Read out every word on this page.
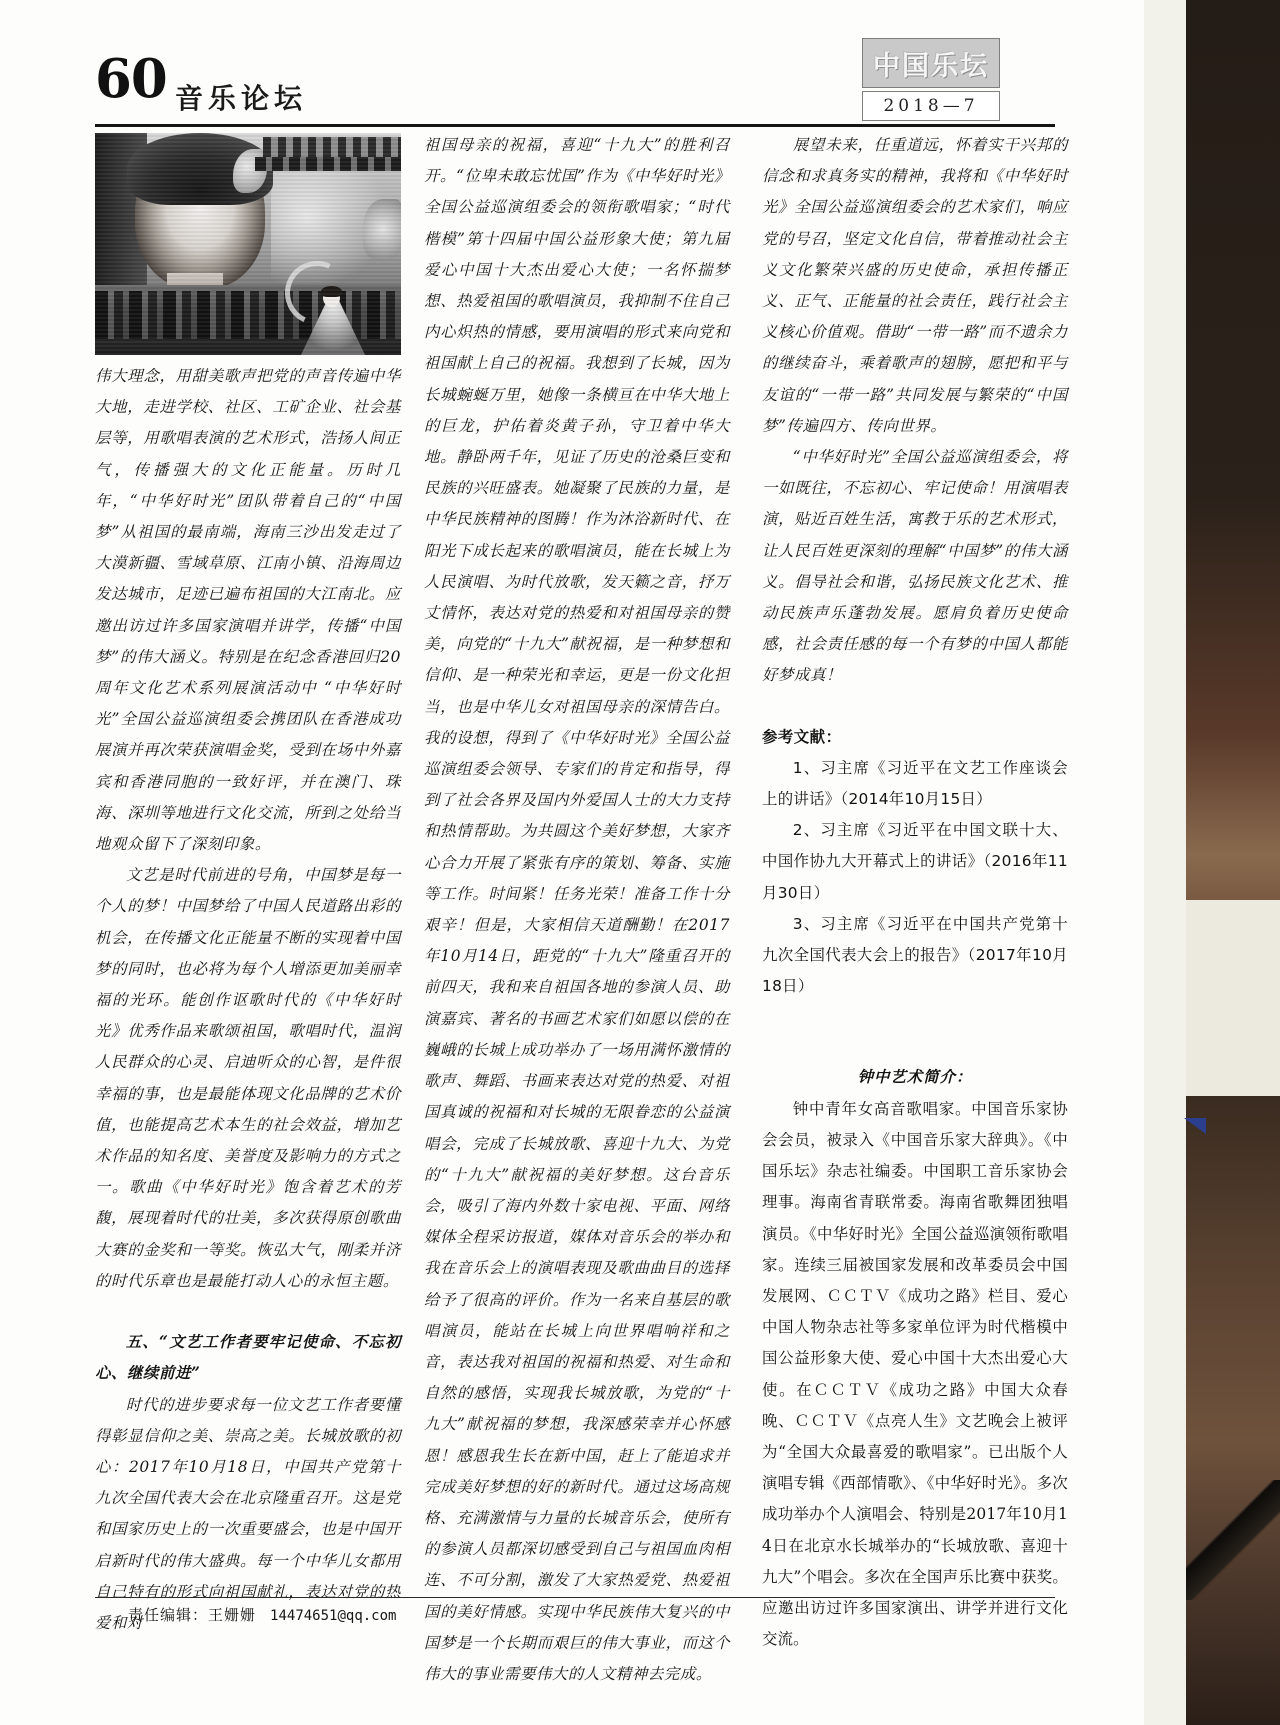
60 音乐论坛
中国乐坛
2018—7

伟大理念，用甜美歌声把党的声音传遍中华大地，走进学校、社区、工矿企业、社会基层等，用歌唱表演的艺术形式，浩扬人间正气，传播强大的文化正能量。历时几年，“中华好时光”团队带着自己的“中国梦”从祖国的最南端，海南三沙出发走过了大漠新疆、雪域草原、江南小镇、沿海周边发达城市，足迹已遍布祖国的大江南北。应邀出访过许多国家演唱并讲学，传播“中国梦”的伟大涵义。特别是在纪念香港回归20周年文化艺术系列展演活动中 “中华好时光”全国公益巡演组委会携团队在香港成功展演并再次荣获演唱金奖，受到在场中外嘉宾和香港同胞的一致好评，并在澳门、珠海、深圳等地进行文化交流，所到之处给当地观众留下了深刻印象。

文艺是时代前进的号角，中国梦是每一个人的梦！中国梦给了中国人民道路出彩的机会，在传播文化正能量不断的实现着中国梦的同时，也必将为每个人增添更加美丽幸福的光环。能创作讴歌时代的《中华好时光》优秀作品来歌颂祖国，歌唱时代，温润人民群众的心灵、启迪听众的心智，是件很幸福的事，也是最能体现文化品牌的艺术价值，也能提高艺术本生的社会效益，增加艺术作品的知名度、美誉度及影响力的方式之一。歌曲《中华好时光》饱含着艺术的芳馥，展现着时代的壮美，多次获得原创歌曲大赛的金奖和一等奖。恢弘大气，刚柔并济的时代乐章也是最能打动人心的永恒主题。

五、“文艺工作者要牢记使命、不忘初心、继续前进”

时代的进步要求每一位文艺工作者要懂得彰显信仰之美、崇高之美。长城放歌的初心：2017年10月18日，中国共产党第十九次全国代表大会在北京隆重召开。这是党和国家历史上的一次重要盛会，也是中国开启新时代的伟大盛典。每一个中华儿女都用自己特有的形式向祖国献礼，表达对党的热爱和对

祖国母亲的祝福，喜迎“十九大”的胜利召开。“位卑未敢忘忧国”作为《中华好时光》全国公益巡演组委会的领衔歌唱家；“时代楷模”第十四届中国公益形象大使；第九届爱心中国十大杰出爱心大使；一名怀揣梦想、热爱祖国的歌唱演员，我抑制不住自己内心炽热的情感，要用演唱的形式来向党和祖国献上自己的祝福。我想到了长城，因为长城蜿蜒万里，她像一条横亘在中华大地上的巨龙，护佑着炎黄子孙，守卫着中华大地。静卧两千年，见证了历史的沧桑巨变和民族的兴旺盛表。她凝聚了民族的力量，是中华民族精神的图腾！作为沐浴新时代、在阳光下成长起来的歌唱演员，能在长城上为人民演唱、为时代放歌，发天籁之音，抒万丈情怀，表达对党的热爱和对祖国母亲的赞美，向党的“十九大”献祝福，是一种梦想和信仰、是一种荣光和幸运，更是一份文化担当，也是中华儿女对祖国母亲的深情告白。我的设想，得到了《中华好时光》全国公益巡演组委会领导、专家们的肯定和指导，得到了社会各界及国内外爱国人士的大力支持和热情帮助。为共圆这个美好梦想，大家齐心合力开展了紧张有序的策划、筹备、实施等工作。时间紧！任务光荣！准备工作十分艰辛！但是，大家相信天道酬勤！在2017年10月14日，距党的“十九大”隆重召开的前四天，我和来自祖国各地的参演人员、助演嘉宾、著名的书画艺术家们如愿以偿的在巍峨的长城上成功举办了一场用满怀激情的歌声、舞蹈、书画来表达对党的热爱、对祖国真诚的祝福和对长城的无限眷恋的公益演唱会，完成了长城放歌、喜迎十九大、为党的“十九大”献祝福的美好梦想。这台音乐会，吸引了海内外数十家电视、平面、网络媒体全程采访报道，媒体对音乐会的举办和我在音乐会上的演唱表现及歌曲曲目的选择给予了很高的评价。作为一名来自基层的歌唱演员，能站在长城上向世界唱响祥和之音，表达我对祖国的祝福和热爱、对生命和自然的感悟，实现我长城放歌，为党的“十九大”献祝福的梦想，我深感荣幸并心怀感恩！感恩我生长在新中国，赶上了能追求并完成美好梦想的好的新时代。通过这场高规格、充满激情与力量的长城音乐会，使所有的参演人员都深切感受到自己与祖国血肉相连、不可分割，激发了大家热爱党、热爱祖国的美好情感。实现中华民族伟大复兴的中国梦是一个长期而艰巨的伟大事业，而这个伟大的事业需要伟大的人文精神去完成。

展望未来，任重道远，怀着实干兴邦的信念和求真务实的精神，我将和《中华好时光》全国公益巡演组委会的艺术家们，响应党的号召，坚定文化自信，带着推动社会主义文化繁荣兴盛的历史使命，承担传播正义、正气、正能量的社会责任，践行社会主义核心价值观。借助“一带一路”而不遗余力的继续奋斗，乘着歌声的翅膀，愿把和平与友谊的“一带一路”共同发展与繁荣的“中国梦”传遍四方、传向世界。

“中华好时光”全国公益巡演组委会，将一如既往，不忘初心、牢记使命！用演唱表演，贴近百姓生活，寓教于乐的艺术形式，让人民百姓更深刻的理解“中国梦”的伟大涵义。倡导社会和谐，弘扬民族文化艺术、推动民族声乐蓬勃发展。愿肩负着历史使命感，社会责任感的每一个有梦的中国人都能好梦成真！

参考文献：

1、习主席《习近平在文艺工作座谈会上的讲话》（2014年10月15日）

2、习主席《习近平在中国文联十大、中国作协九大开幕式上的讲话》（2016年11月30日）

3、习主席《习近平在中国共产党第十九次全国代表大会上的报告》（2017年10月18日）

钟中艺术简介：

钟中青年女高音歌唱家。中国音乐家协会会员，被录入《中国音乐家大辞典》。《中国乐坛》杂志社编委。中国职工音乐家协会理事。海南省青联常委。海南省歌舞团独唱演员。《中华好时光》全国公益巡演领衔歌唱家。连续三届被国家发展和改革委员会中国发展网、ＣＣＴＶ《成功之路》栏目、爱心中国人物杂志社等多家单位评为时代楷模中国公益形象大使、爱心中国十大杰出爱心大使。在ＣＣＴＶ《成功之路》中国大众春晚、ＣＣＴＶ《点亮人生》文艺晚会上被评为“全国大众最喜爱的歌唱家”。已出版个人演唱专辑《西部情歌》、《中华好时光》。多次成功举办个人演唱会、特别是2017年10月14日在北京水长城举办的“长城放歌、喜迎十九大”个唱会。多次在全国声乐比赛中获奖。应邀出访过许多国家演出、讲学并进行文化交流。

责任编辑：王姗姗 14474651@qq.com
